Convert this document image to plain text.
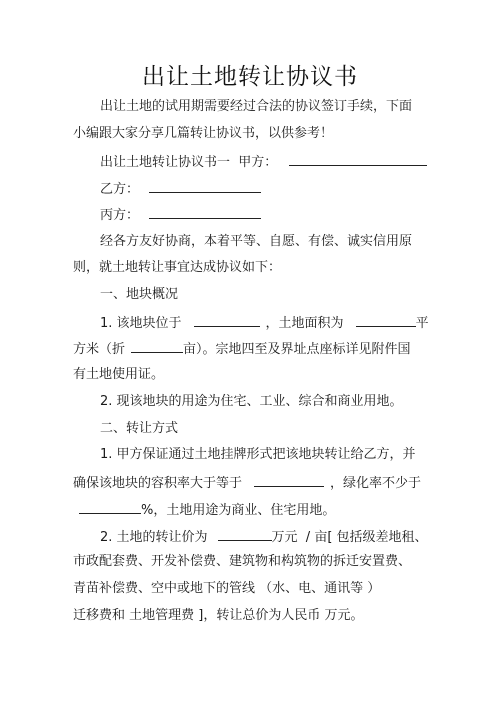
出让土地转让协议书
出让土地的试用期需要经过合法的协议签订手续，下面
小编跟大家分享几篇转让协议书，以供参考！
出让土地转让协议书一  甲方：
乙方：
丙方：
经各方友好协商，本着平等、自愿、有偿、诚实信用原
则，就土地转让事宜达成协议如下：
一、地块概况
1. 该地块位于	，土地面积为	平
方米（折	亩）。宗地四至及界址点座标详见附件国
有土地使用证。
2. 现该地块的用途为住宅、工业、综合和商业用地。
二、转让方式
1. 甲方保证通过土地挂牌形式把该地块转让给乙方，并
确保该地块的容积率大于等于	，绿化率不少于
%，土地用途为商业、住宅用地。
2. 土地的转让价为	万元  / 亩[ 包括级差地租、
市政配套费、开发补偿费、建筑物和构筑物的拆迁安置费、
青苗补偿费、空中或地下的管线 （水、电、通讯等 ）
迁移费和 土地管理费 ]，转让总价为人民币 万元。
